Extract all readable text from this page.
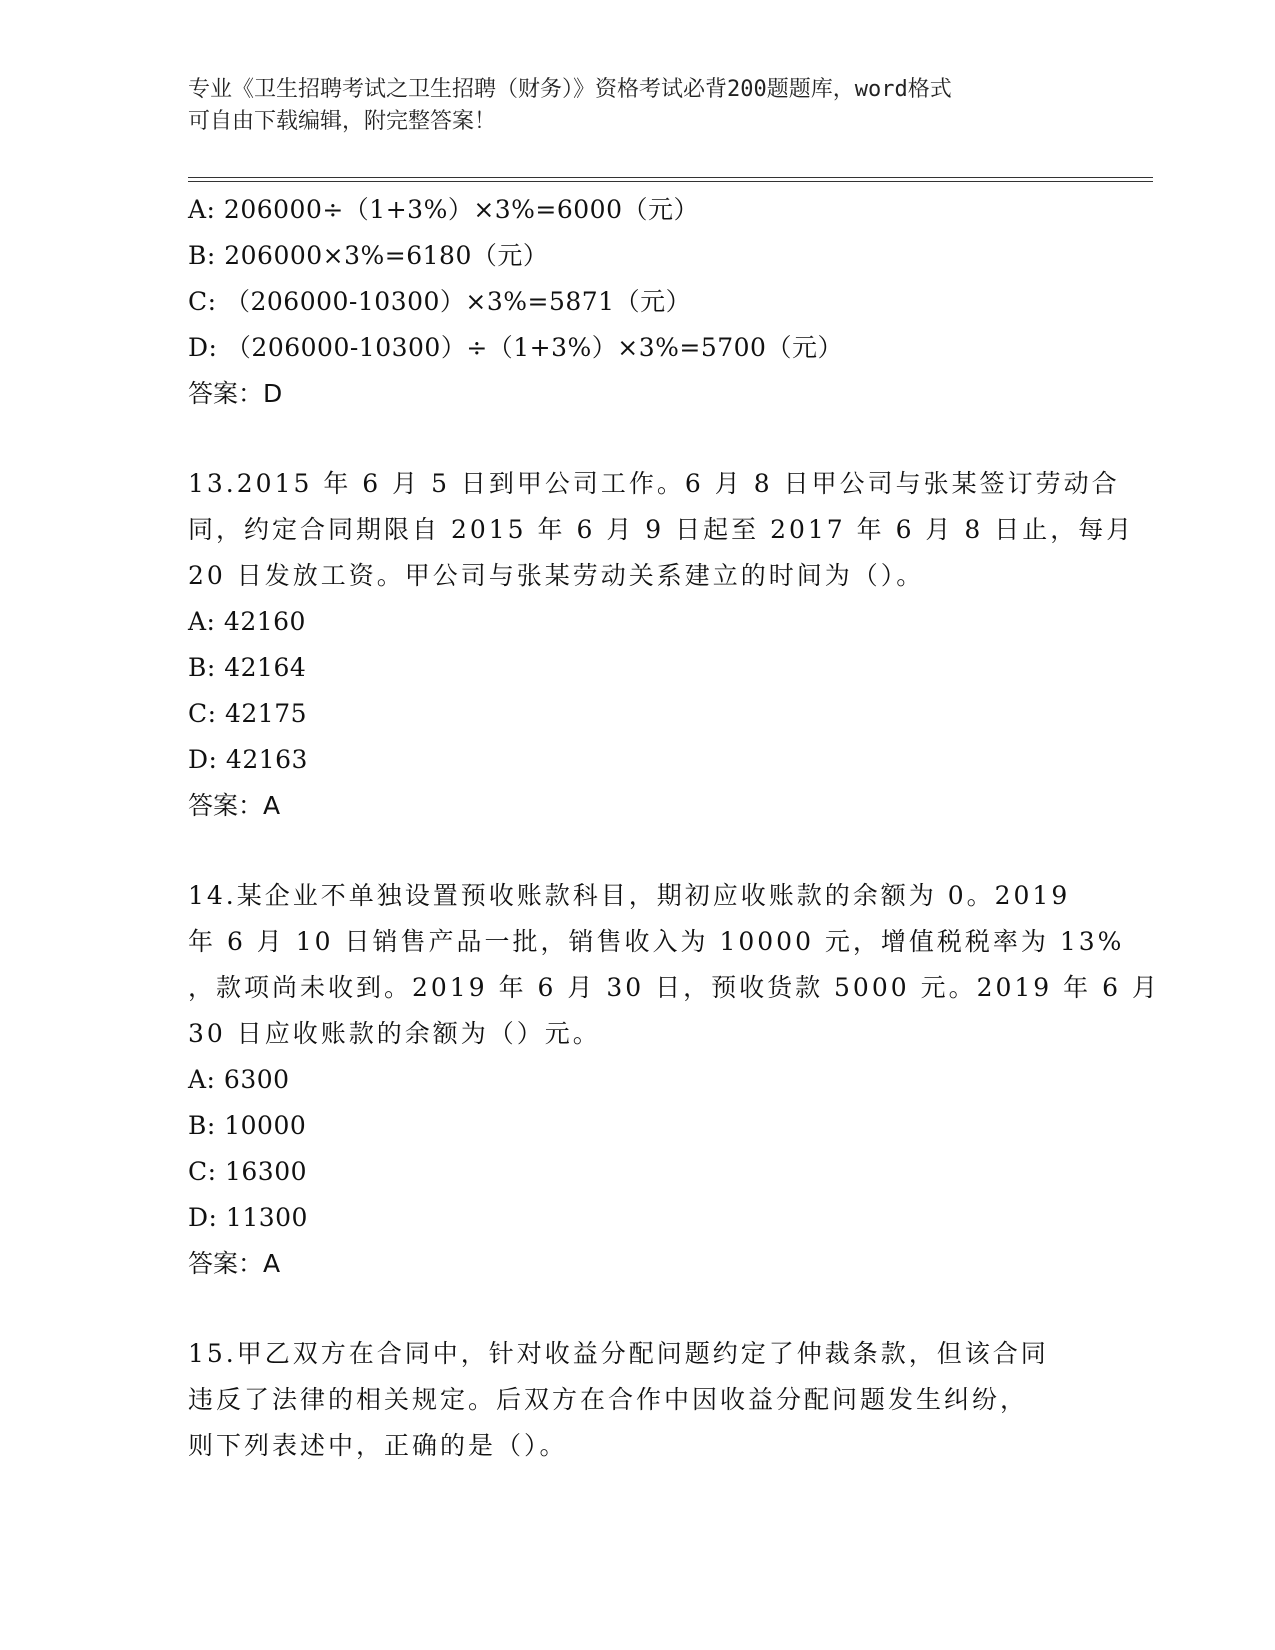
专业《卫生招聘考试之卫生招聘（财务）》资格考试必背200题题库，word格式
可自由下载编辑，附完整答案！
A: 206000÷（1+3%）×3%=6000（元）
B: 206000×3%=6180（元）
C: （206000-10300）×3%=5871（元）
D: （206000-10300）÷（1+3%）×3%=5700（元）
答案：D
13.2015 年 6 月 5 日到甲公司工作。6 月 8 日甲公司与张某签订劳动合
同，约定合同期限自 2015 年 6 月 9 日起至 2017 年 6 月 8 日止，每月
20 日发放工资。甲公司与张某劳动关系建立的时间为（）。
A: 42160
B: 42164
C: 42175
D: 42163
答案：A
14.某企业不单独设置预收账款科目，期初应收账款的余额为 0。2019
年 6 月 10 日销售产品一批，销售收入为 10000 元，增值税税率为 13%
，款项尚未收到。2019 年 6 月 30 日，预收货款 5000 元。2019 年 6 月
30 日应收账款的余额为（）元。
A: 6300
B: 10000
C: 16300
D: 11300
答案：A
15.甲乙双方在合同中，针对收益分配问题约定了仲裁条款，但该合同
违反了法律的相关规定。后双方在合作中因收益分配问题发生纠纷，
则下列表述中，正确的是（）。
